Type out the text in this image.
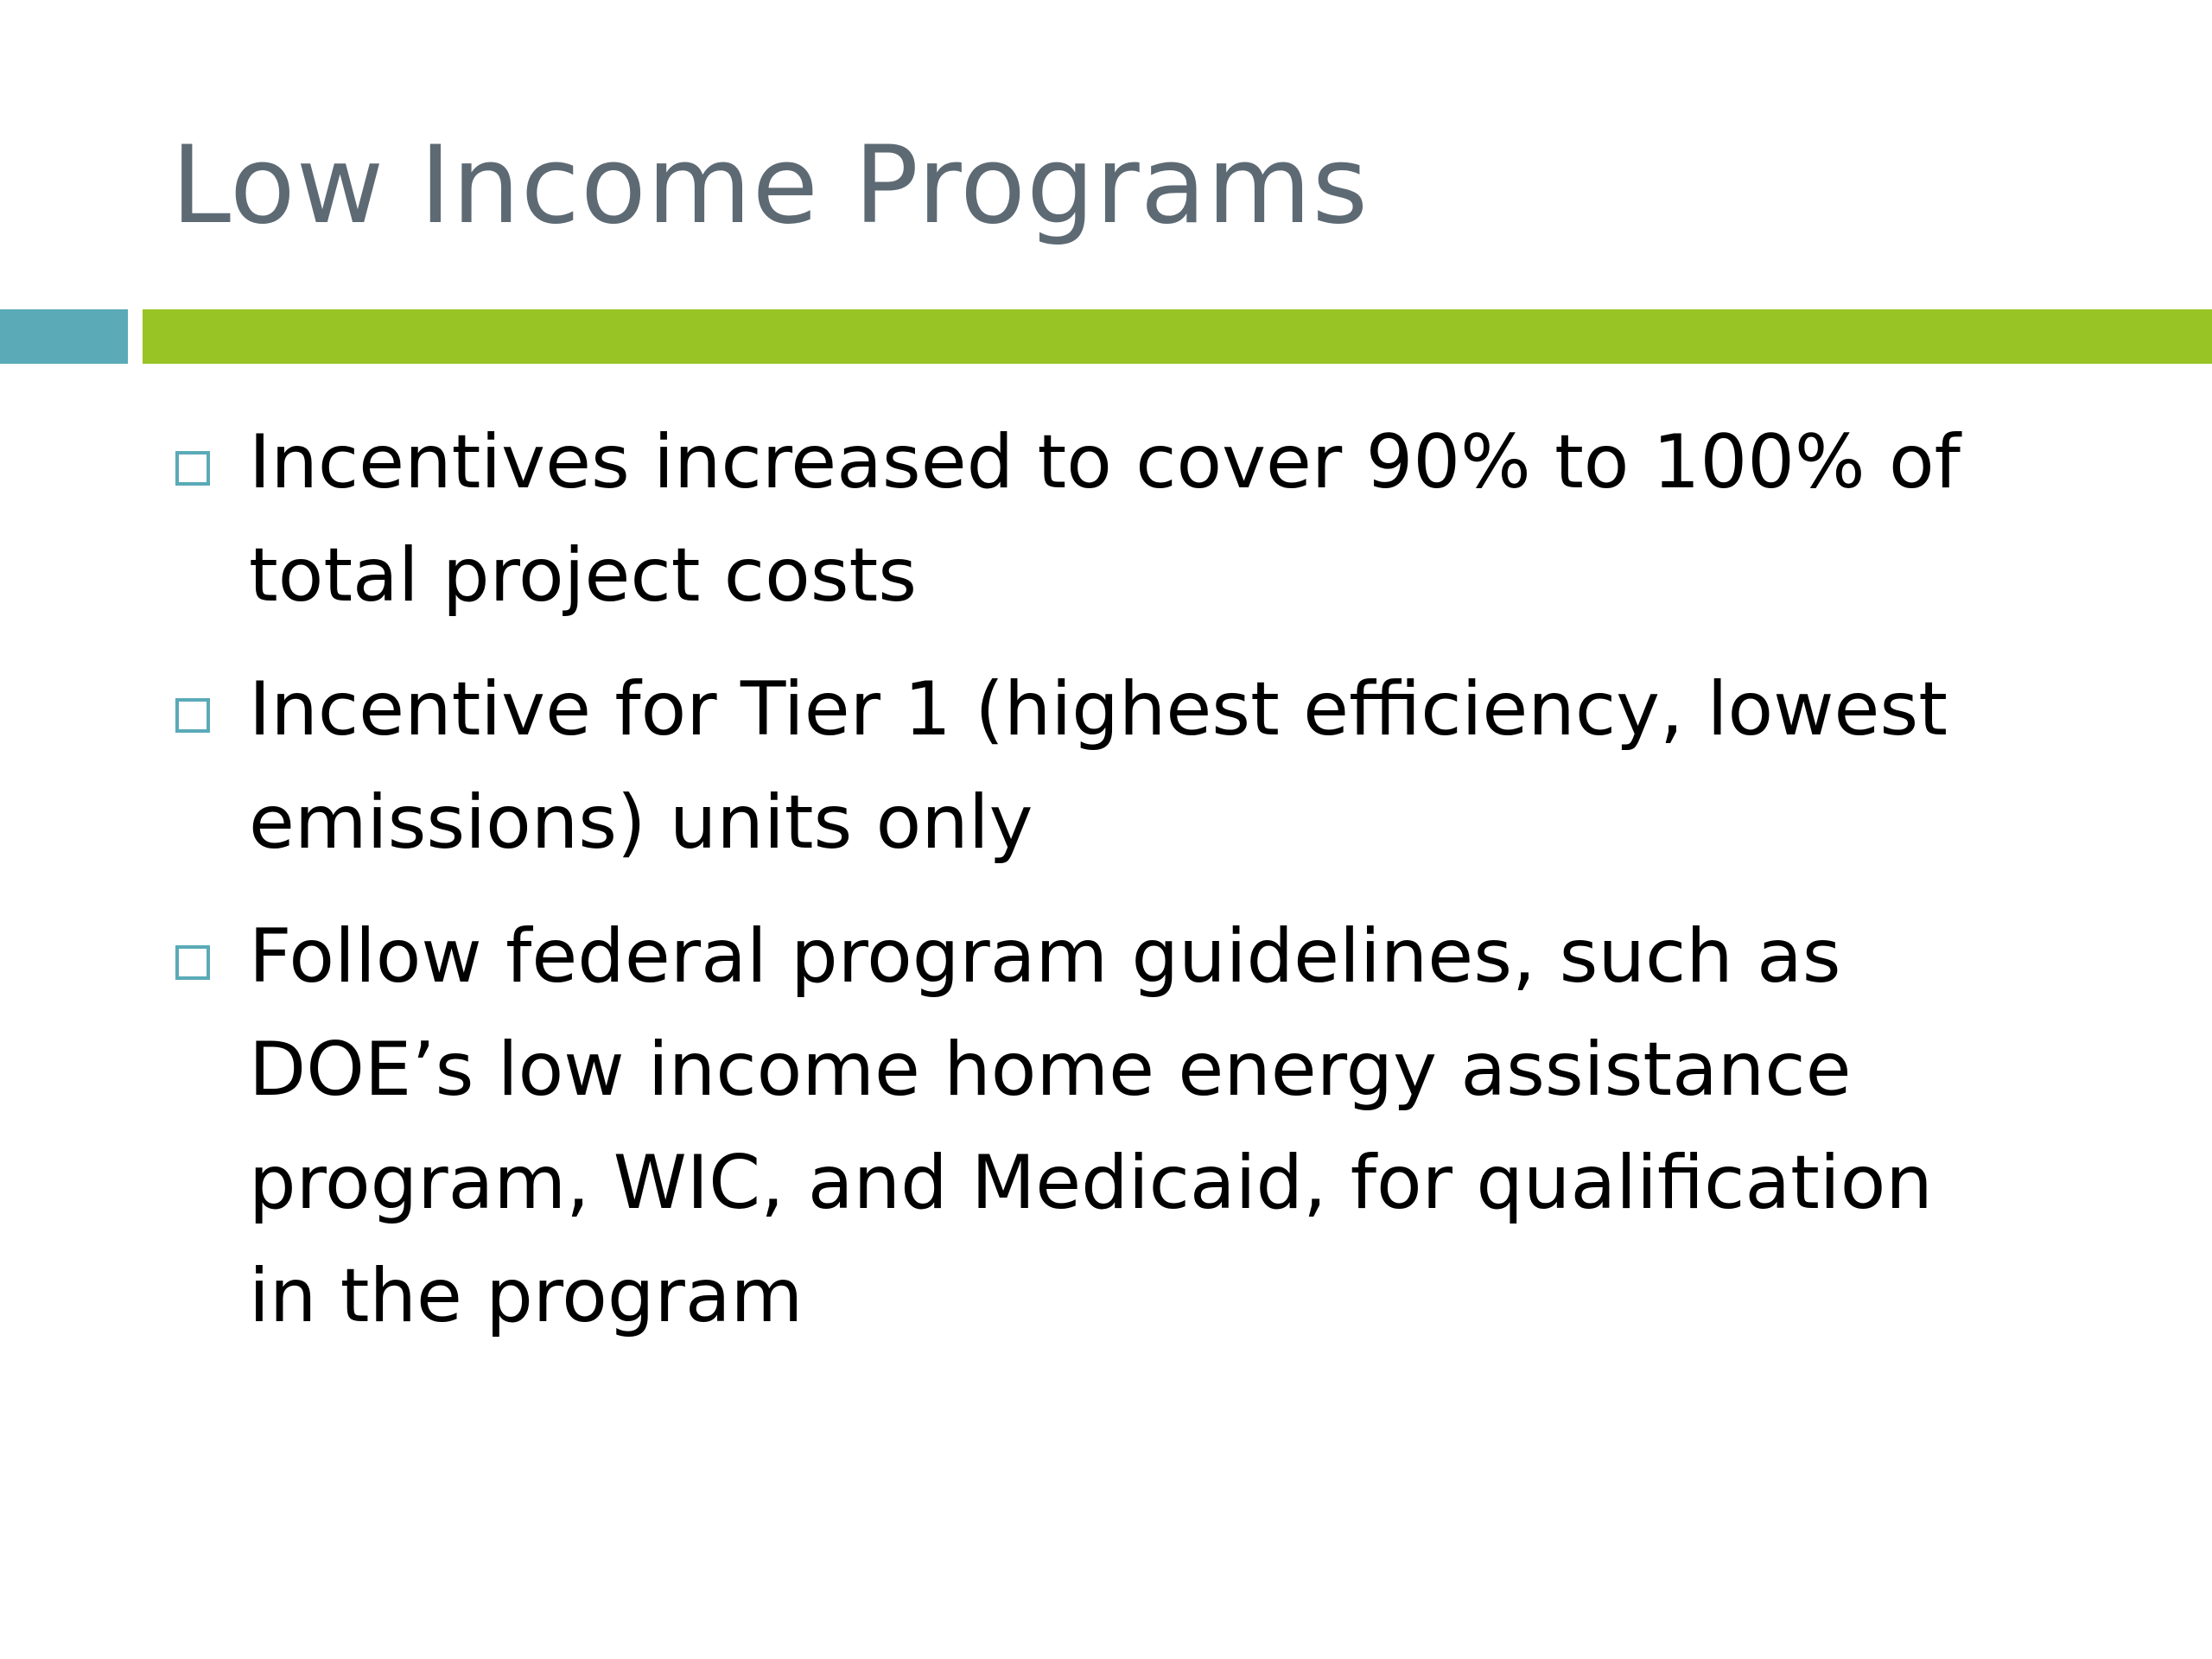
Low Income Programs
Incentives increased to cover 90% to 100% of
total project costs
Incentive for Tier 1 (highest efficiency, lowest
emissions) units only
Follow federal program guidelines, such as
DOE’s low income home energy assistance
program, WIC, and Medicaid, for qualification
in the program
